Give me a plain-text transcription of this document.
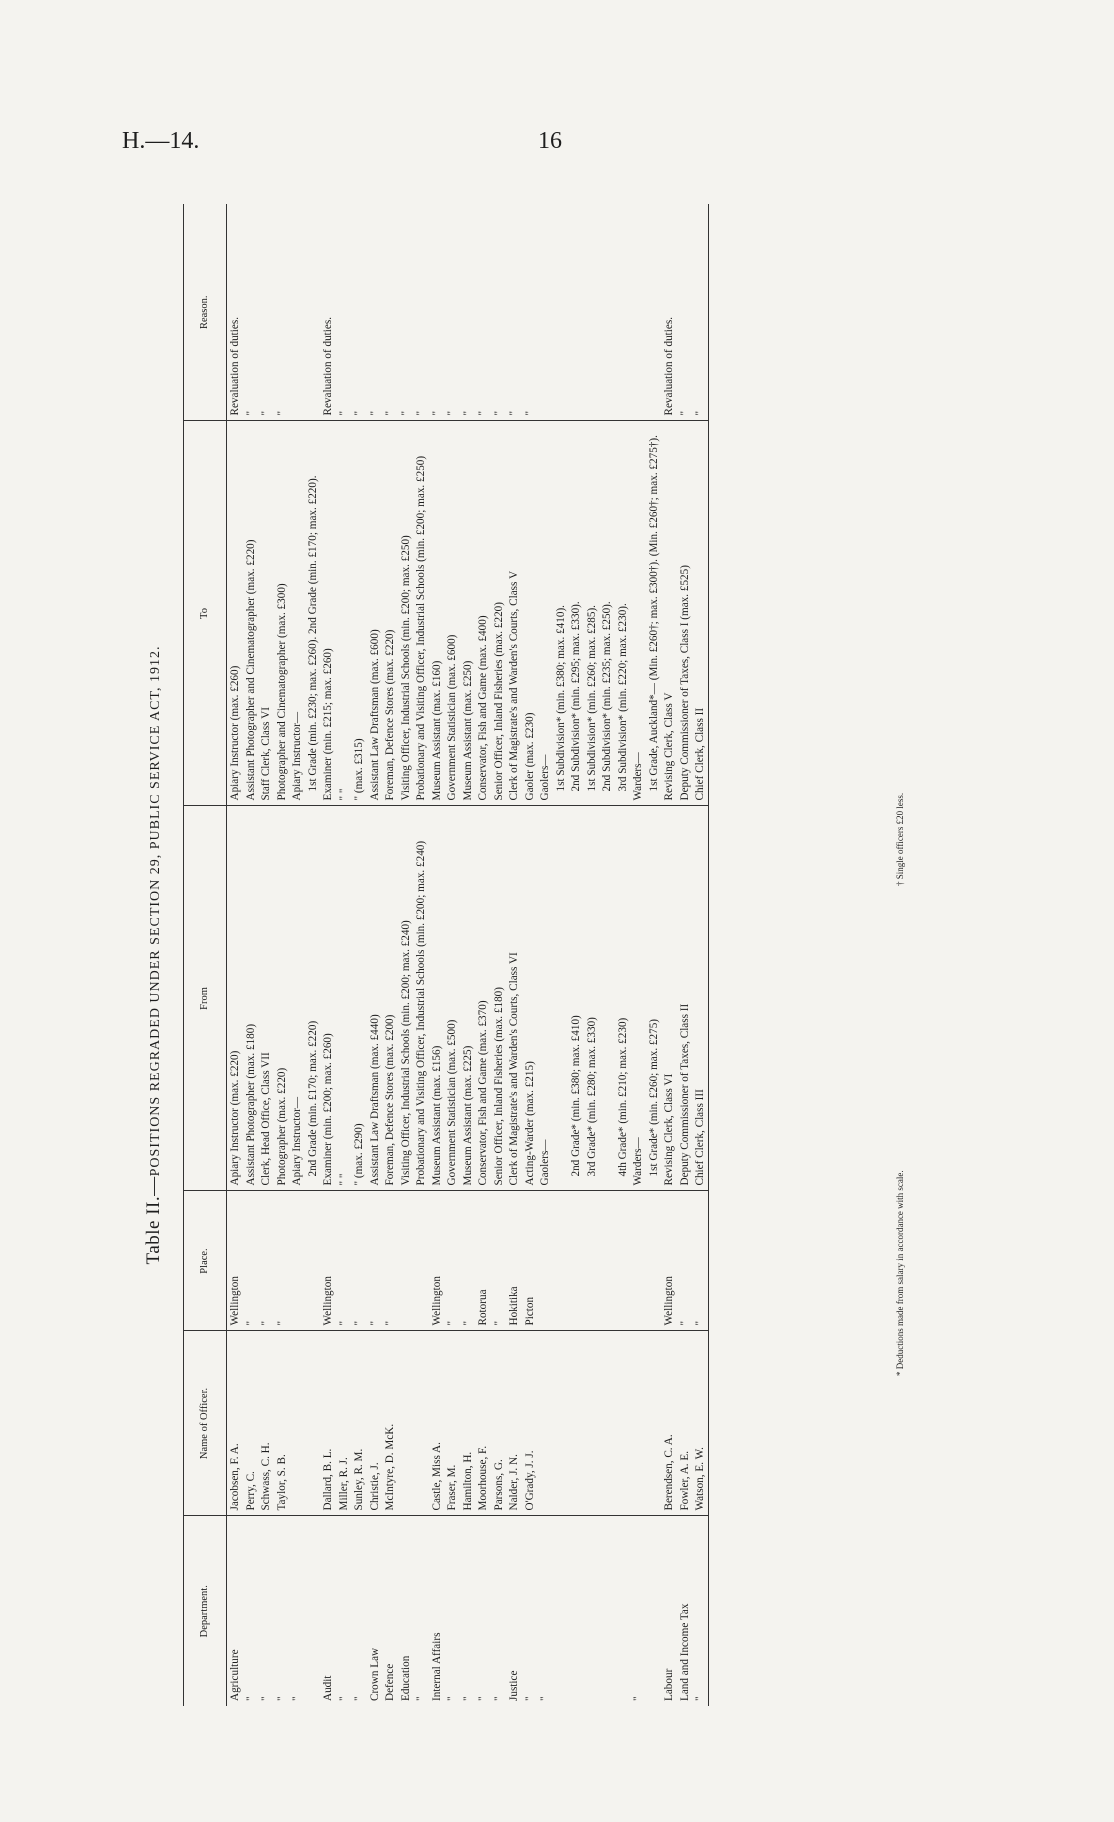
H.—14.	16
Table II.—POSITIONS REGRADED UNDER SECTION 29, PUBLIC SERVICE ACT, 1912.
Department.	Name of Officer.	Place.	From	To	Reason.
Agriculture	Jacobsen, F. A.	Wellington	Apiary Instructor (max. £220)	Apiary Instructor (max. £260)	Revaluation of duties.
"	Perry, C.	"	Assistant Photographer (max. £180)	Assistant Photographer and Cinematographer (max. £220)	"
"	Schwass, C. H.	"	Clerk, Head Office, Class VII	Staff Clerk, Class VI	"
"	Taylor, S. B.	"	Photographer (max. £220)	Photographer and Cinematographer (max. £300)	"
"			Apiary Instructor—	Apiary Instructor—	
			2nd Grade (min. £170; max. £220)	1st Grade (min. £230; max. £260). 2nd Grade (min. £170; max. £220).	
Audit	Dallard, B. L.	Wellington	Examiner (min. £200; max. £260)	Examiner (min. £215; max. £260)	Revaluation of duties.
"	Miller, R. J.	"	" "	" "	"
"	Sunley, R. M.	"	" (max. £290)	" (max. £315)	"
Crown Law	Christie, J.	"	Assistant Law Draftsman (max. £440)	Assistant Law Draftsman (max. £600)	"
Defence	McIntyre, D. McK.	"	Foreman, Defence Stores (max. £200)	Foreman, Defence Stores (max. £220)	"
Education			Visiting Officer, Industrial Schools (min. £200; max. £240)	Visiting Officer, Industrial Schools (min. £200; max. £250)	"
"			Probationary and Visiting Officer, Industrial Schools (min. £200; max. £240)	Probationary and Visiting Officer, Industrial Schools (min. £200; max. £250)	"
Internal Affairs	Castle, Miss A.	Wellington	Museum Assistant (max. £156)	Museum Assistant (max. £160)	"
"	Fraser, M.	"	Government Statistician (max. £500)	Government Statistician (max. £600)	"
"	Hamilton, H.	"	Museum Assistant (max. £225)	Museum Assistant (max. £250)	"
"	Moorhouse, F.	Rotorua	Conservator, Fish and Game (max. £370)	Conservator, Fish and Game (max. £400)	"
"	Parsons, G.	"	Senior Officer, Inland Fisheries (max. £180)	Senior Officer, Inland Fisheries (max. £220)	"
Justice	Nalder, J. N.	Hokitika	Clerk of Magistrate's and Warden's Courts, Class VI	Clerk of Magistrate's and Warden's Courts, Class V	"
"	O'Grady, J. J.	Picton	Acting-Warder (max. £215)	Gaoler (max. £230)	"
"			Gaolers—	Gaolers—	
				1st Subdivision* (min. £380; max. £410).	
			2nd Grade* (min. £380; max. £410)	2nd Subdivision* (min. £295; max. £330).	
			3rd Grade* (min. £280; max. £330)	1st Subdivision* (min. £260; max. £285).	
				2nd Subdivision* (min. £235; max. £250).	
			4th Grade* (min. £210; max. £230)	3rd Subdivision* (min. £220; max. £230).	
"			Warders—	Warders—	
			1st Grade* (min. £260; max. £275)	1st Grade, Auckland*— (Min. £260†; max. £300†). (Min. £260†; max. £275†).	
Labour	Berendsen, C. A.	Wellington	Revising Clerk, Class VI	Revising Clerk, Class V	Revaluation of duties.
Land and Income Tax	Fowler, A. E.	"	Deputy Commissioner of Taxes, Class II	Deputy Commissioner of Taxes, Class I (max. £525)	"
"	Watson, E. W.	"	Chief Clerk, Class III	Chief Clerk, Class II	"

* Deductions made from salary in accordance with scale.
† Single officers £20 less.
